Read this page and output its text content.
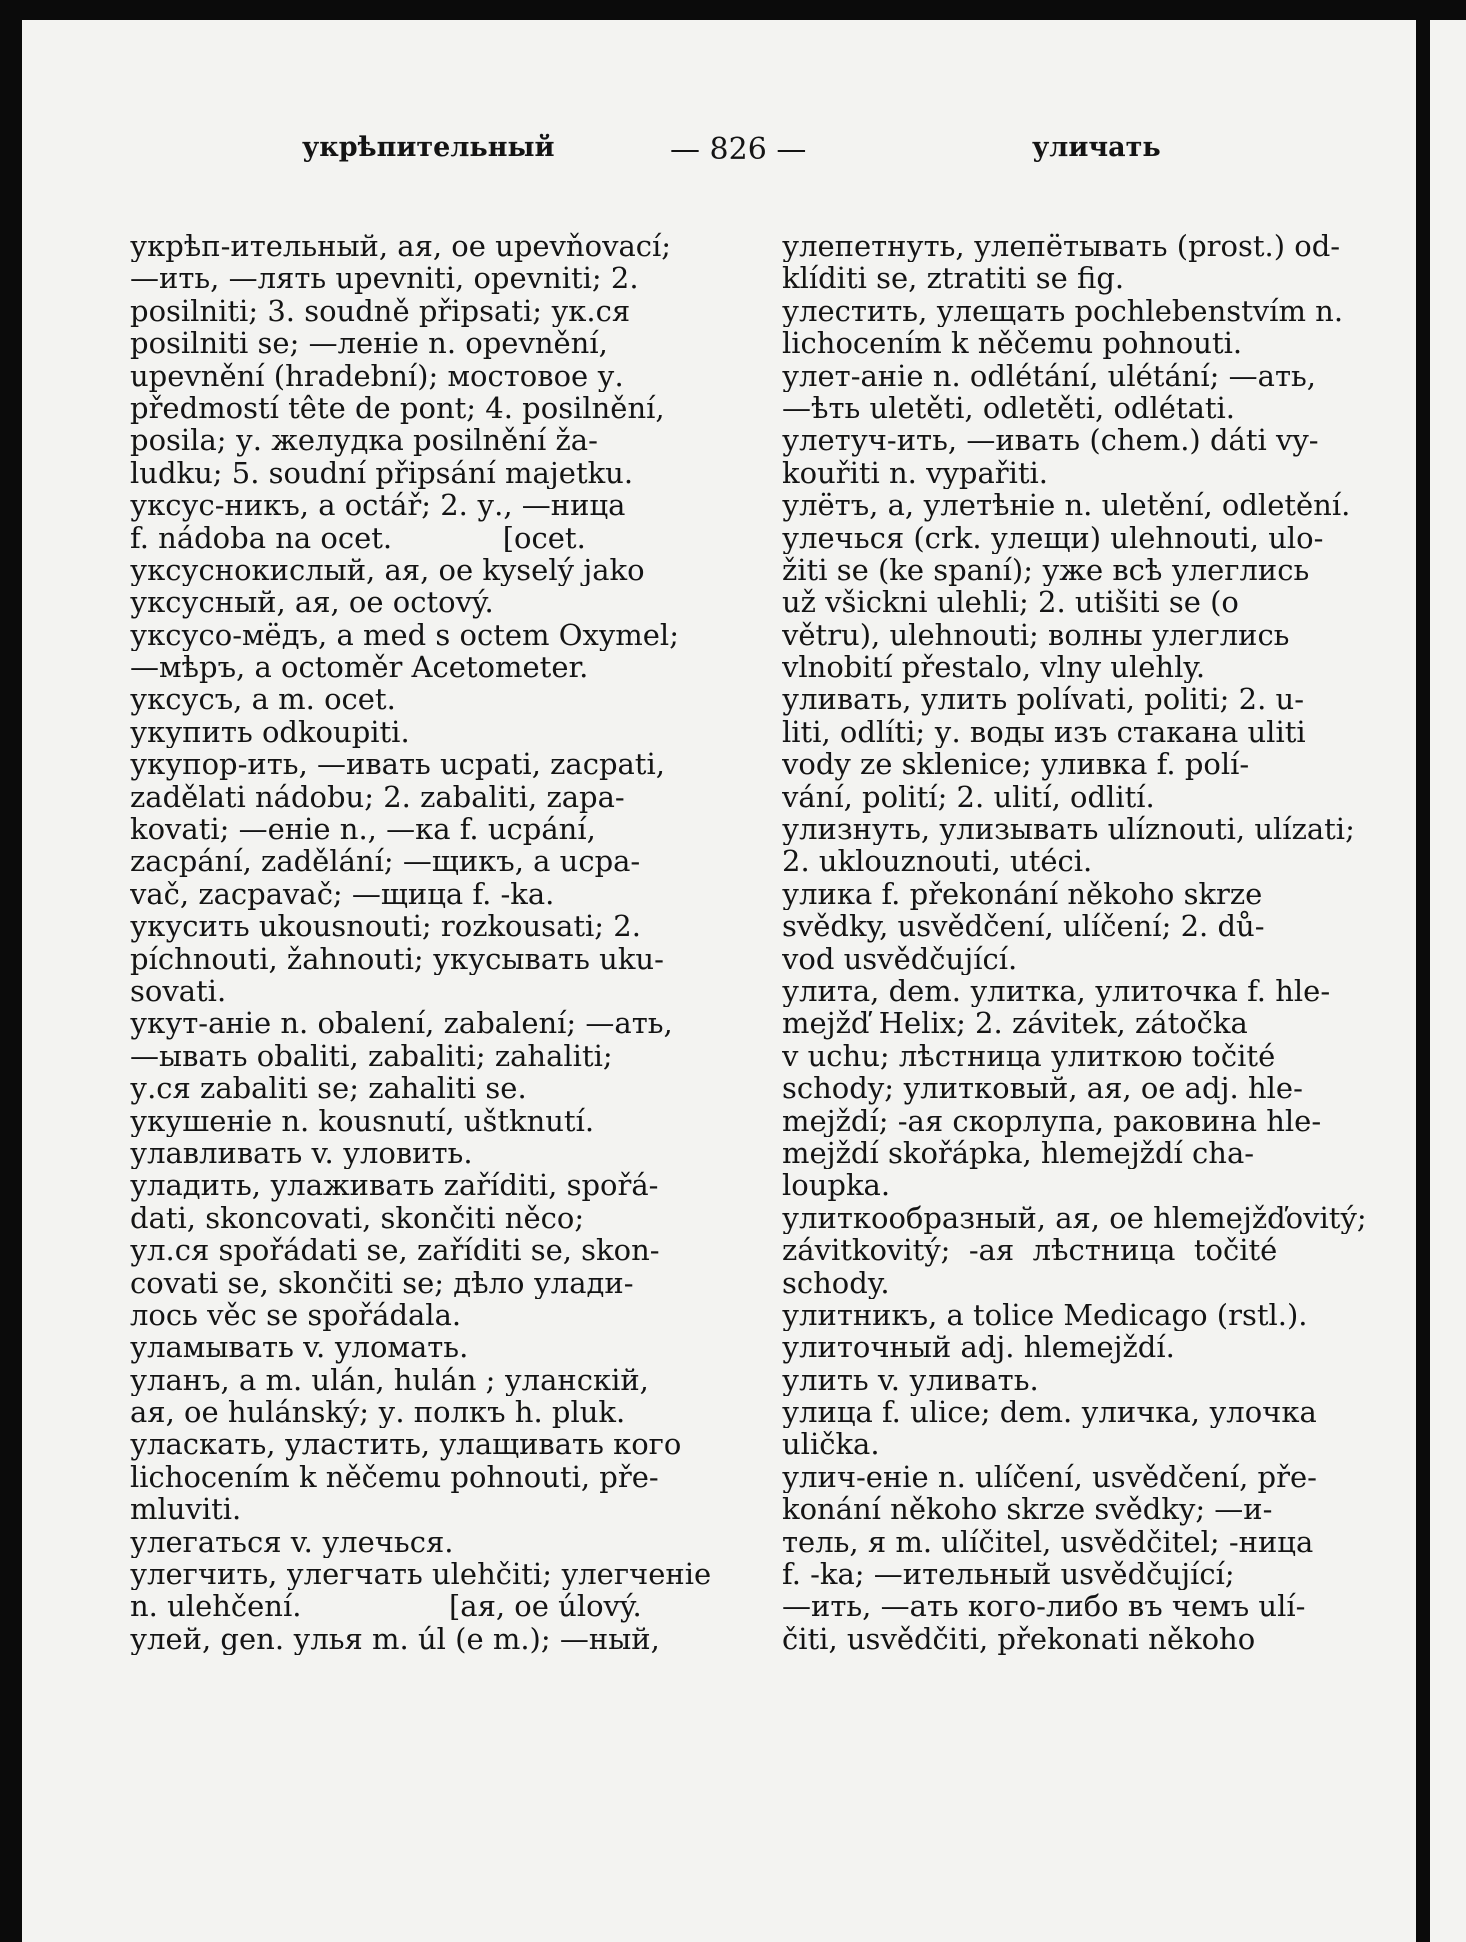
укрѣпительный	— 826 —	уличать
укрѣп-ительный, ая, ое upevňovací;
—ить, —лять upevniti, opevniti; 2.
posilniti; 3. soudně připsati; ук.ся
posilniti se; —леніе n. opevnění,
upevnění (hradební); мостовое у.
předmostí tête de pont; 4. posilnění,
posila; у. желудка posilnění ža-
ludku; 5. soudní připsání majetku.
уксус-никъ, a octář; 2. у., —ница
f. nádoba na ocet.            [ocet.
уксуснокислый, ая, ое kyselý jako
уксусный, ая, ое octový.
уксусо-мёдъ, a med s octem Oxymel;
—мѣръ, a octoměr Acetometer.
уксусъ, a m. ocet.
укупить odkoupiti.
укупор-ить, —ивать ucpati, zacpati,
zadělati nádobu; 2. zabaliti, zapa-
kovati; —еніе n., —ка f. ucpání,
zacpání, zadělání; —щикъ, a ucpa-
vač, zacpavač; —щица f. -ka.
укусить ukousnouti; rozkousati; 2.
píchnouti, žahnouti; укусывать uku-
sovati.
укут-аніе n. obalení, zabalení; —ать,
—ывать obaliti, zabaliti; zahaliti;
у.ся zabaliti se; zahaliti se.
укушеніе n. kousnutí, uštknutí.
улавливать v. уловить.
уладить, улаживать zaříditi, spořá-
dati, skoncovati, skončiti něco;
ул.ся spořádati se, zaříditi se, skon-
covati se, skončiti se; дѣло улади-
лось věc se spořádala.
уламывать v. уломать.
уланъ, a m. ulán, hulán ; уланскій,
ая, ое hulánský; у. полкъ h. pluk.
уласкать, уластить, улащивать кого
lichocením k něčemu pohnouti, pře-
mluviti.
улегаться v. улечься.
улегчить, улегчать ulehčiti; улегченіе
n. ulehčení.                [ая, ое úlový.
улей, gen. улья m. úl (e m.); —ный,
улепетнуть, улепётывать (prost.) od-
klíditi se, ztratiti se fig.
улестить, улещать pochlebenstvím n.
lichocením k něčemu pohnouti.
улет-аніе n. odlétání, ulétání; —ать,
—ѣть uletěti, odletěti, odlétati.
улетуч-ить, —ивать (chem.) dáti vy-
kouřiti n. vypařiti.
улётъ, a, улетѣніе n. uletění, odletění.
улечься (crk. улещи) ulehnouti, ulo-
žiti se (ke spaní); уже всѣ улеглись
už všickni ulehli; 2. utišiti se (o
větru), ulehnouti; волны улеглись
vlnobití přestalo, vlny ulehly.
уливать, улить polívati, politi; 2. u-
liti, odlíti; у. воды изъ стакана uliti
vody ze sklenice; уливка f. polí-
vání, polití; 2. ulití, odlití.
улизнуть, улизывать ulíznouti, ulízati;
2. uklouznouti, utéci.
улика f. překonání někoho skrze
svědky, usvědčení, ulíčení; 2. dů-
vod usvědčující.
улита, dem. улитка, улиточка f. hle-
mejžď Helix; 2. závitek, zátočka
v uchu; лѣстница улиткою točité
schody; улитковый, ая, ое adj. hle-
mejždí; -ая скорлупа, раковина hle-
mejždí skořápka, hlemejždí cha-
loupka.
улиткообразный, ая, ое hlemejžďovitý;
závitkovitý;  -ая  лѣстница  točité
schody.
улитникъ, a tolice Medicago (rstl.).
улиточный adj. hlemejždí.
улить v. уливать.
улица f. ulice; dem. уличка, улочка
ulička.
улич-еніе n. ulíčení, usvědčení, pře-
konání někoho skrze svědky; —и-
тель, я m. ulíčitel, usvědčitel; -ница
f. -ka; —ительный usvědčující;
—ить, —ать кого-либо въ чемъ ulí-
čiti, usvědčiti, překonati někoho
